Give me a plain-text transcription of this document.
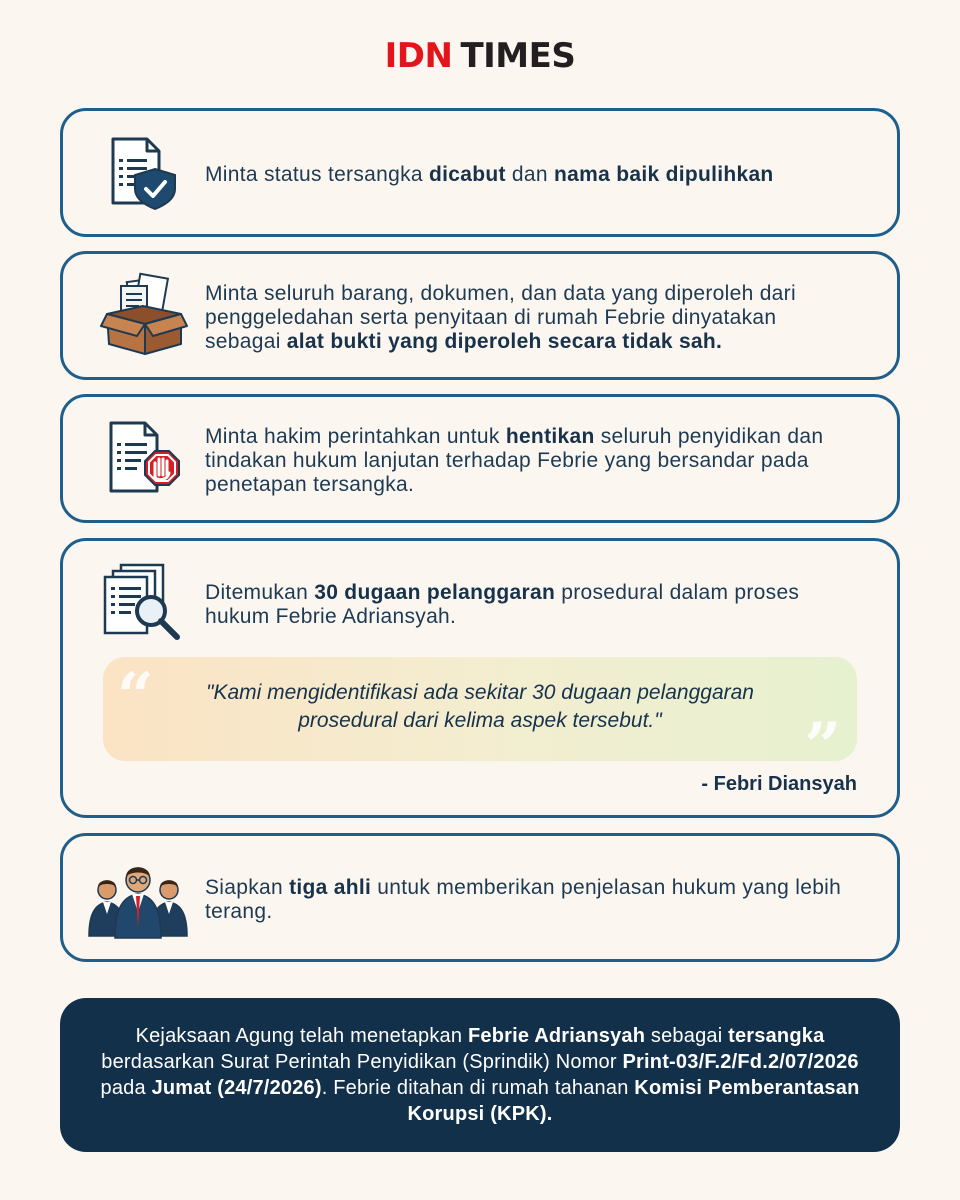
IDN TIMES
Minta status tersangka dicabut dan nama baik dipulihkan
Minta seluruh barang, dokumen, dan data yang diperoleh dari penggeledahan serta penyitaan di rumah Febrie dinyatakan sebagai alat bukti yang diperoleh secara tidak sah.
Minta hakim perintahkan untuk hentikan seluruh penyidikan dan tindakan hukum lanjutan terhadap Febrie yang bersandar pada penetapan tersangka.
Ditemukan 30 dugaan pelanggaran prosedural dalam proses hukum Febrie Adriansyah.
“	"Kami mengidentifikasi ada sekitar 30 dugaan pelanggaran prosedural dari kelima aspek tersebut."	”
- Febri Diansyah
Siapkan tiga ahli untuk memberikan penjelasan hukum yang lebih terang.
Kejaksaan Agung telah menetapkan Febrie Adriansyah sebagai tersangka berdasarkan Surat Perintah Penyidikan (Sprindik) Nomor Print-03/F.2/Fd.2/07/2026 pada Jumat (24/7/2026). Febrie ditahan di rumah tahanan Komisi Pemberantasan Korupsi (KPK).
